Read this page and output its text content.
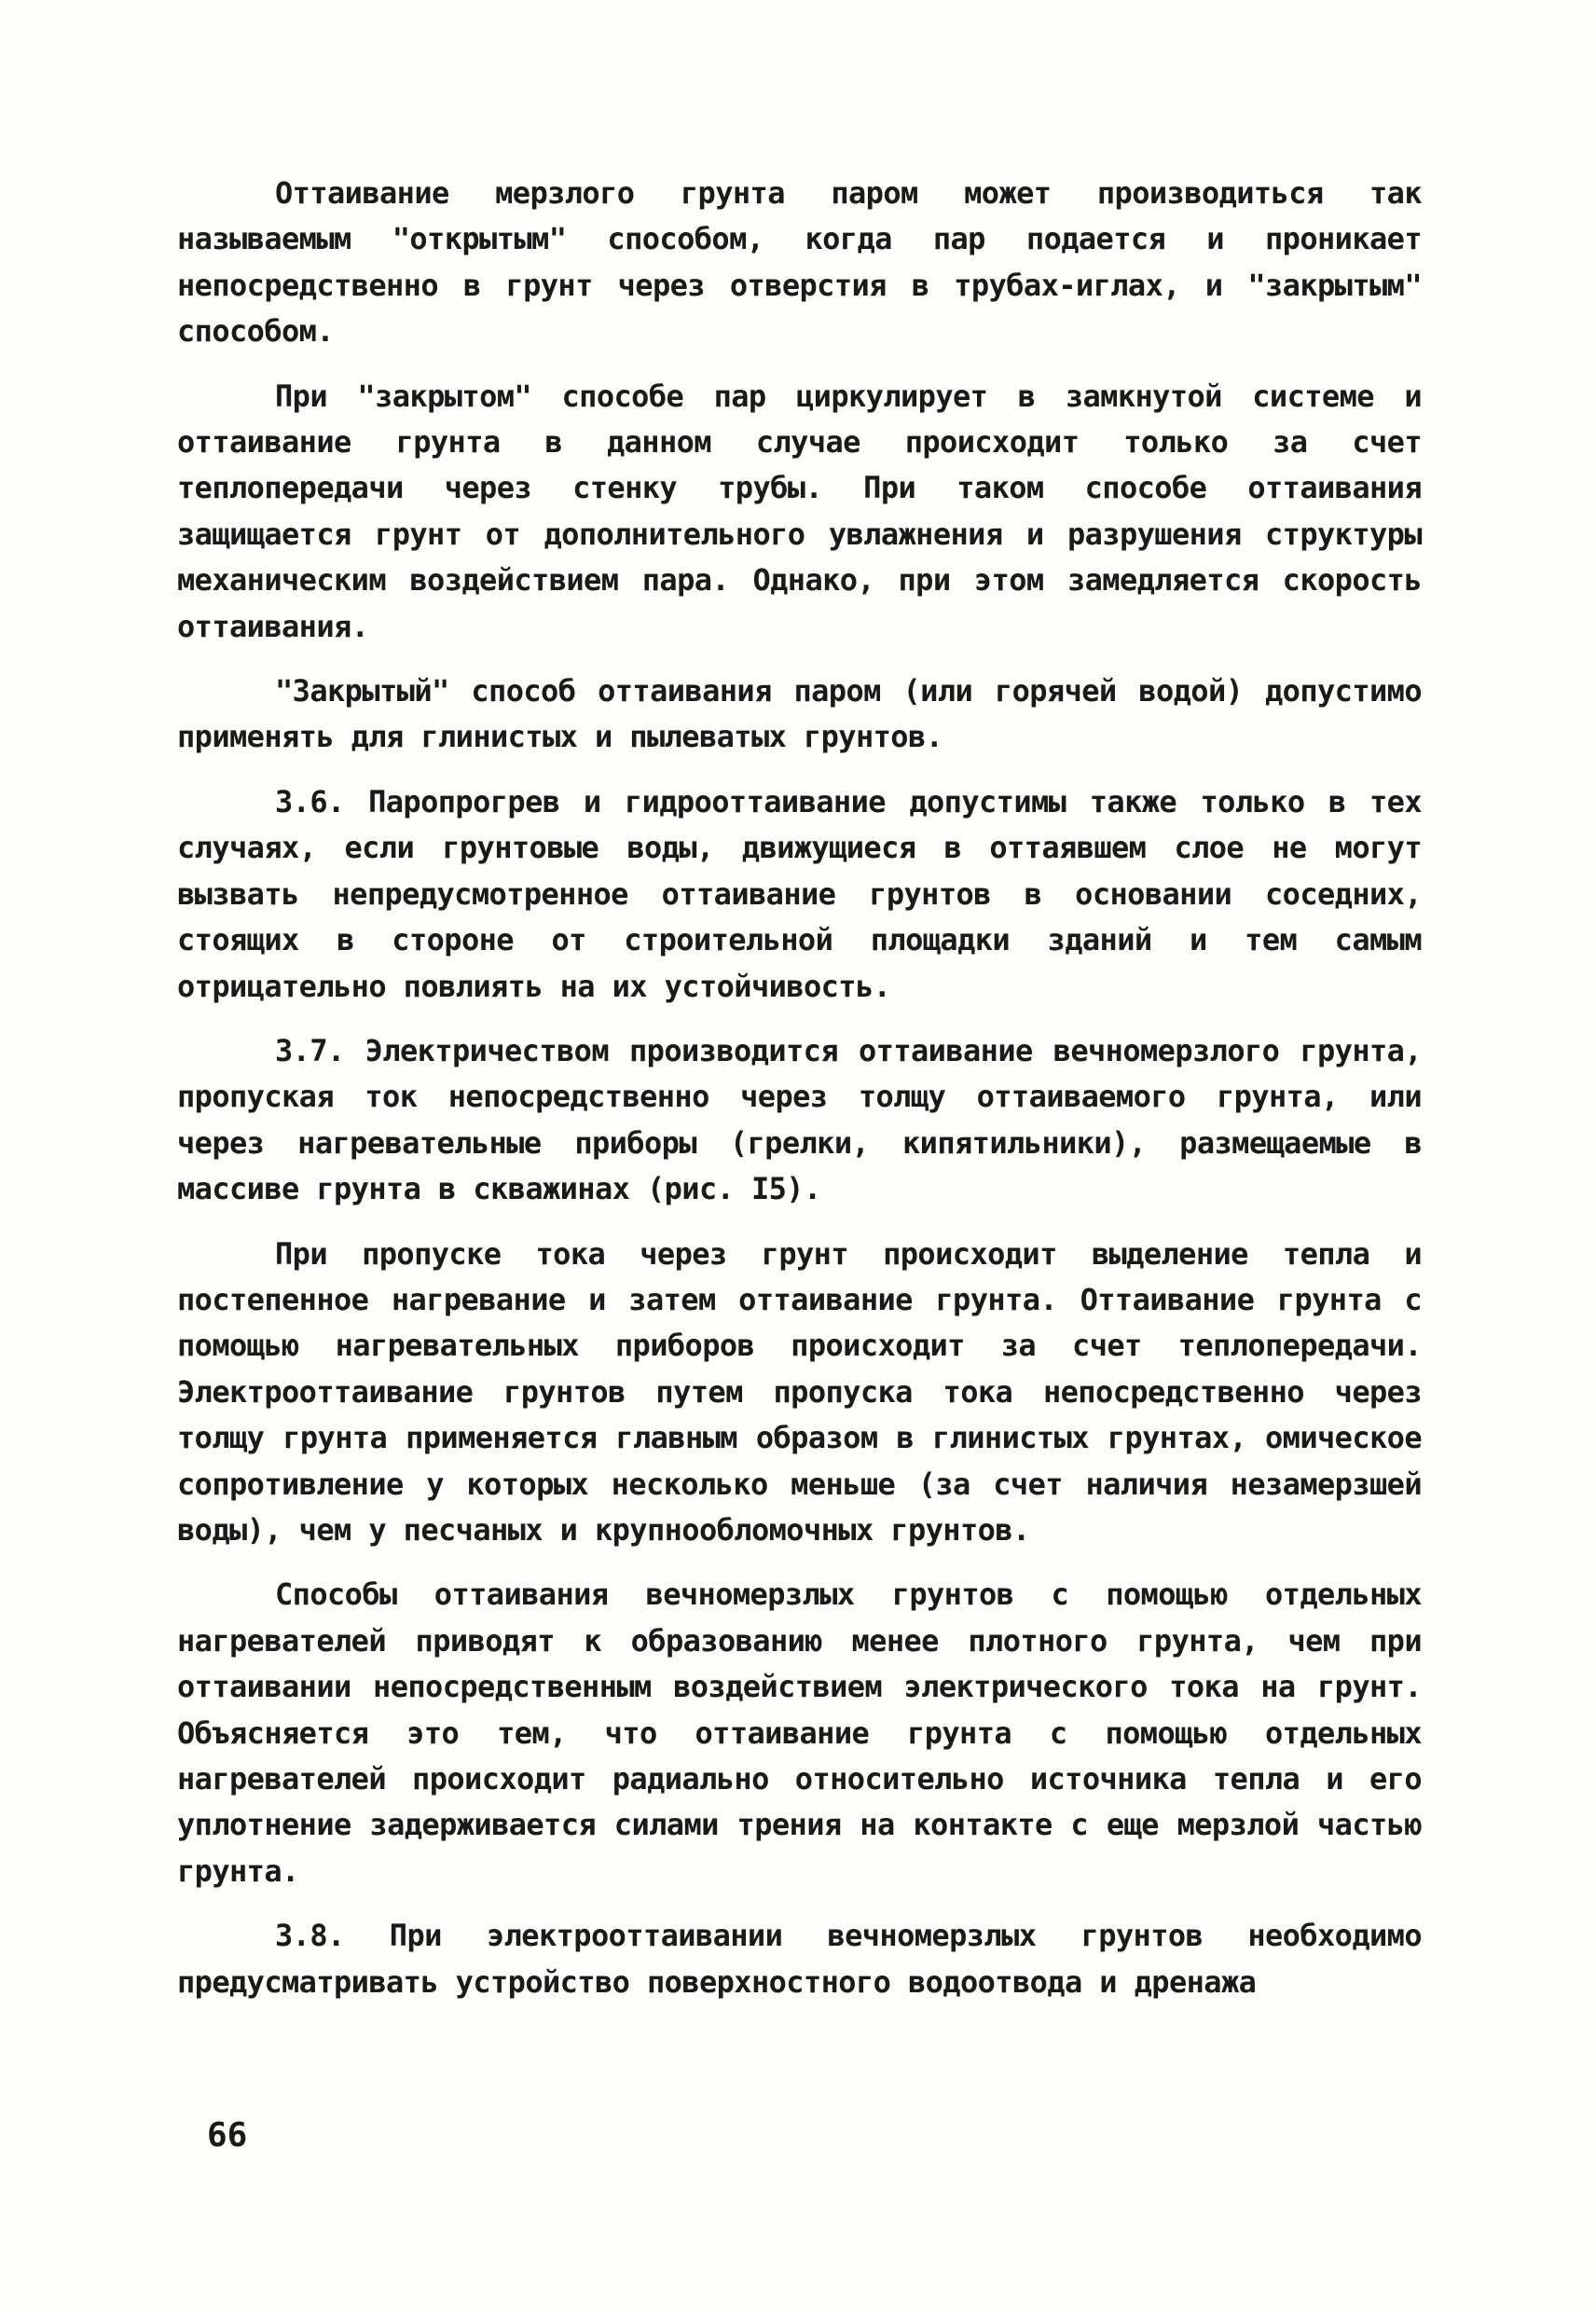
Оттаивание мерзлого грунта паром может производиться так называемым "открытым" способом, когда пар подается и проникает непосредственно в грунт через отверстия в трубах-иглах, и "закрытым" способом.

При "закрытом" способе пар циркулирует в замкнутой системе и оттаивание грунта в данном случае происходит только за счет теплопередачи через стенку трубы. При таком способе оттаивания защищается грунт от дополнительного увлажнения и разрушения структуры механическим воздействием пара. Однако, при этом замедляется скорость оттаивания.

"Закрытый" способ оттаивания паром (или горячей водой) допустимо применять для глинистых и пылеватых грунтов.

3.6. Паропрогрев и гидрооттаивание допустимы также только в тех случаях, если грунтовые воды, движущиеся в оттаявшем слое не могут вызвать непредусмотренное оттаивание грунтов в основании соседних, стоящих в стороне от строительной площадки зданий и тем самым отрицательно повлиять на их устойчивость.

3.7. Электричеством производится оттаивание вечномерзлого грунта, пропуская ток непосредственно через толщу оттаиваемого грунта, или через нагревательные приборы (грелки, кипятильники), размещаемые в массиве грунта в скважинах (рис. I5).

При пропуске тока через грунт происходит выделение тепла и постепенное нагревание и затем оттаивание грунта. Оттаивание грунта с помощью нагревательных приборов происходит за счет теплопередачи. Электрооттаивание грунтов путем пропуска тока непосредственно через толщу грунта применяется главным образом в глинистых грунтах, омическое сопротивление у которых несколько меньше (за счет наличия незамерзшей воды), чем у песчаных и крупнообломочных грунтов.

Способы оттаивания вечномерзлых грунтов с помощью отдельных нагревателей приводят к образованию менее плотного грунта, чем при оттаивании непосредственным воздействием электрического тока на грунт. Объясняется это тем, что оттаивание грунта с помощью отдельных нагревателей происходит радиально относительно источника тепла и его уплотнение задерживается силами трения на контакте с еще мерзлой частью грунта.

3.8. При электрооттаивании вечномерзлых грунтов необходимо предусматривать устройство поверхностного водоотвода и дренажа

66
